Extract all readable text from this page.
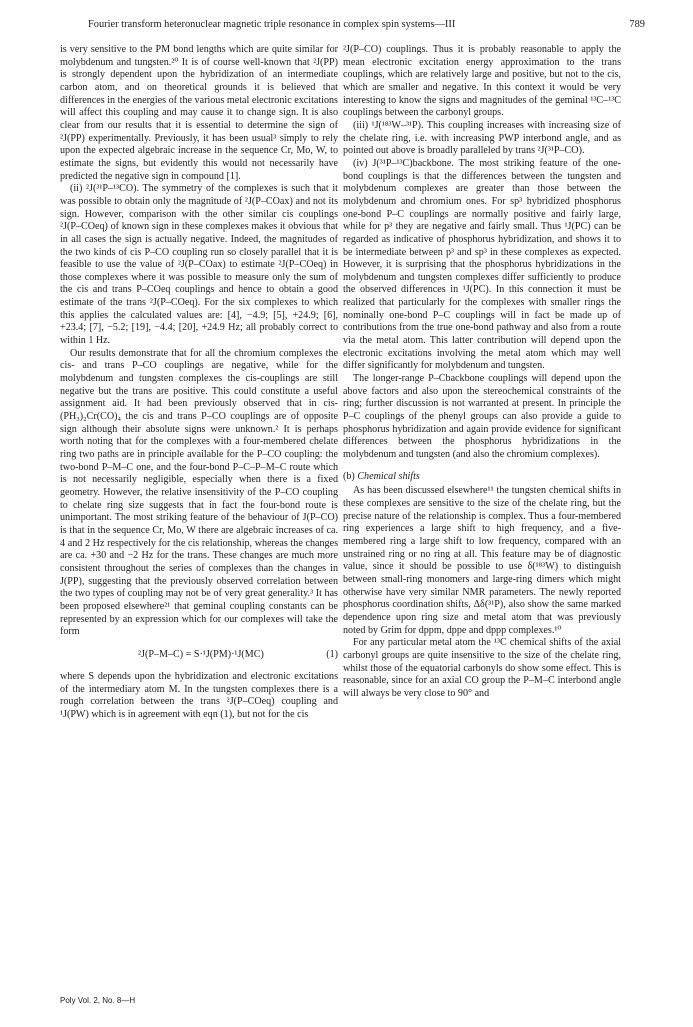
Fourier transform heteronuclear magnetic triple resonance in complex spin systems—III	789

is very sensitive to the PM bond lengths which are quite similar for molybdenum and tungsten.²⁰ It is of course well-known that ²J(PP) is strongly dependent upon the hybridization of an intermediate carbon atom, and on theoretical grounds it is believed that differences in the energies of the various metal electronic excitations will affect this coupling and may cause it to change sign. It is also clear from our results that it is essential to determine the sign of ²J(PP) experimentally. Previously, it has been usual³ simply to rely upon the expected algebraic increase in the sequence Cr, Mo, W, to estimate the signs, but evidently this would not necessarily have predicted the negative sign in compound [1].

(ii) ²J(³¹P–¹³CO). The symmetry of the complexes is such that it was possible to obtain only the magnitude of ²J(P–COax) and not its sign. However, comparison with the other similar cis couplings ²J(P–COeq) of known sign in these complexes makes it obvious that in all cases the sign is actually negative. Indeed, the magnitudes of the two kinds of cis P–CO coupling run so closely parallel that it is feasible to use the value of ²J(P–COax) to estimate ²J(P–COeq) in those complexes where it was possible to measure only the sum of the cis and trans P–COeq couplings and hence to obtain a good estimate of the trans ²J(P–COeq). For the six complexes to which this applies the calculated values are: [4], −4.9; [5], +24.9; [6], +23.4; [7], −5.2; [19], −4.4; [20], +24.9 Hz; all probably correct to within 1 Hz.

Our results demonstrate that for all the chromium complexes the cis- and trans P–CO couplings are negative, while for the molybdenum and tungsten complexes the cis-couplings are still negative but the trans are positive. This could constitute a useful assignment aid. It had been previously observed that in cis-(PH₃)₂Cr(CO)₄ the cis and trans P–CO couplings are of opposite sign although their absolute signs were unknown.² It is perhaps worth noting that for the complexes with a four-membered chelate ring two paths are in principle available for the P–CO coupling: the two-bond P–M–C one, and the four-bond P–C–P–M–C route which is not necessarily negligible, especially when there is a fixed geometry. However, the relative insensitivity of the P–CO coupling to chelate ring size suggests that in fact the four-bond route is unimportant. The most striking feature of the behaviour of J(P–CO) is that in the sequence Cr, Mo, W there are algebraic increases of ca. 4 and 2 Hz respectively for the cis relationship, whereas the changes are ca. +30 and −2 Hz for the trans. These changes are much more consistent throughout the series of complexes than the changes in J(PP), suggesting that the previously observed correlation between the two types of coupling may not be of very great generality.³ It has been proposed elsewhere²¹ that geminal coupling constants can be represented by an expression which for our complexes will take the form

²J(P–M–C) = S·¹J(PM)·¹J(MC)	(1)

where S depends upon the hybridization and electronic excitations of the intermediary atom M. In the tungsten complexes there is a rough correlation between the trans ²J(P–COeq) coupling and ¹J(PW) which is in agreement with eqn (1), but not for the cis

²J(P–CO) couplings. Thus it is probably reasonable to apply the mean electronic excitation energy approximation to the trans couplings, which are relatively large and positive, but not to the cis, which are smaller and negative. In this context it would be very interesting to know the signs and magnitudes of the geminal ¹³C–¹³C couplings between the carbonyl groups.

(iii) ¹J(¹⁸³W–³¹P). This coupling increases with increasing size of the chelate ring, i.e. with increasing PWP interbond angle, and as pointed out above is broadly paralleled by trans ²J(³¹P–CO).

(iv) J(³¹P–¹³C)backbone. The most striking feature of the one-bond couplings is that the differences between the tungsten and molybdenum complexes are greater than those between the molybdenum and chromium ones. For sp³ hybridized phosphorus one-bond P–C couplings are normally positive and fairly large, while for p³ they are negative and fairly small. Thus ¹J(PC) can be regarded as indicative of phosphorus hybridization, and shows it to be intermediate between p³ and sp³ in these complexes as expected. However, it is surprising that the phosphorus hybridizations in the molybdenum and tungsten complexes differ sufficiently to produce the observed differences in ¹J(PC). In this connection it must be realized that particularly for the complexes with smaller rings the nominally one-bond P–C couplings will in fact be made up of contributions from the true one-bond pathway and also from a route via the metal atom. This latter contribution will depend upon the electronic excitations involving the metal atom which may well differ significantly for molybdenum and tungsten.

The longer-range P–Cbackbone couplings will depend upon the above factors and also upon the stereochemical constraints of the ring; further discussion is not warranted at present. In principle the P–C couplings of the phenyl groups can also provide a guide to phosphorus hybridization and again provide evidence for significant differences between the phosphorus hybridizations in the molybdenum and tungsten (and also the chromium complexes).

(b) Chemical shifts

As has been discussed elsewhere¹¹ the tungsten chemical shifts in these complexes are sensitive to the size of the chelate ring, but the precise nature of the relationship is complex. Thus a four-membered ring experiences a large shift to high frequency, and a five-membered ring a large shift to low frequency, compared with an unstrained ring or no ring at all. This feature may be of diagnostic value, since it should be possible to use δ(¹⁸³W) to distinguish between small-ring monomers and large-ring dimers which might otherwise have very similar NMR parameters. The newly reported phosphorus coordination shifts, Δδ(³¹P), also show the same marked dependence upon ring size and metal atom that was previously noted by Grim for dppm, dppe and dppp complexes.¹⁰

For any particular metal atom the ¹³C chemical shifts of the axial carbonyl groups are quite insensitive to the size of the chelate ring, whilst those of the equatorial carbonyls do show some effect. This is reasonable, since for an axial CO group the P–M–C interbond angle will always be very close to 90° and

Poly Vol. 2, No. 8—H
